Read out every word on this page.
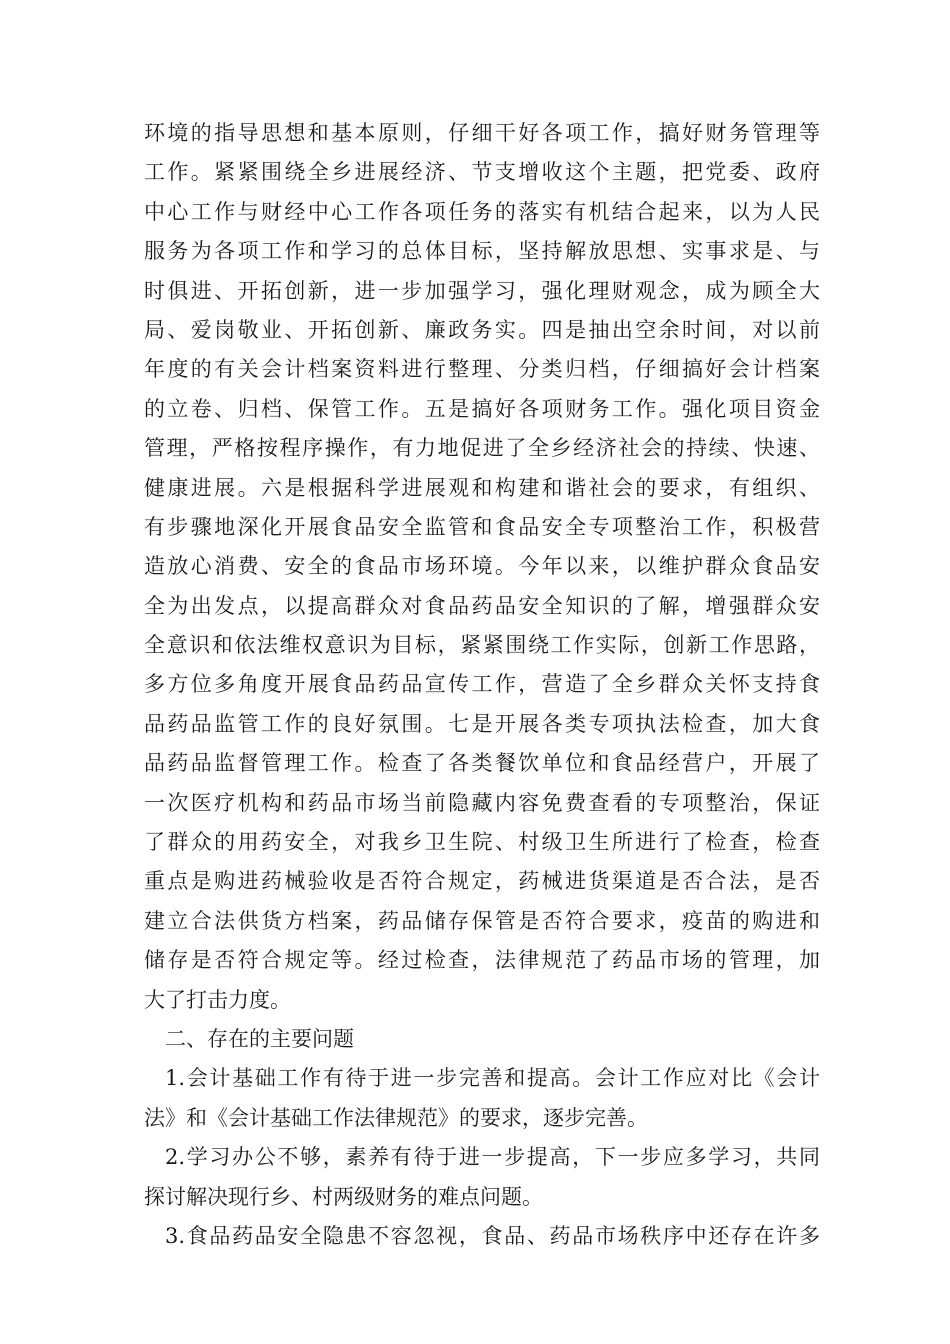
环境的指导思想和基本原则，仔细干好各项工作，搞好财务管理等
工作。紧紧围绕全乡进展经济、节支增收这个主题，把党委、政府
中心工作与财经中心工作各项任务的落实有机结合起来，以为人民
服务为各项工作和学习的总体目标，坚持解放思想、实事求是、与
时俱进、开拓创新，进一步加强学习，强化理财观念，成为顾全大
局、爱岗敬业、开拓创新、廉政务实。四是抽出空余时间，对以前
年度的有关会计档案资料进行整理、分类归档，仔细搞好会计档案
的立卷、归档、保管工作。五是搞好各项财务工作。强化项目资金
管理，严格按程序操作，有力地促进了全乡经济社会的持续、快速、
健康进展。六是根据科学进展观和构建和谐社会的要求，有组织、
有步骤地深化开展食品安全监管和食品安全专项整治工作，积极营
造放心消费、安全的食品市场环境。今年以来，以维护群众食品安
全为出发点，以提高群众对食品药品安全知识的了解，增强群众安
全意识和依法维权意识为目标，紧紧围绕工作实际，创新工作思路，
多方位多角度开展食品药品宣传工作，营造了全乡群众关怀支持食
品药品监管工作的良好氛围。七是开展各类专项执法检查，加大食
品药品监督管理工作。检查了各类餐饮单位和食品经营户，开展了
一次医疗机构和药品市场当前隐藏内容免费查看的专项整治，保证
了群众的用药安全，对我乡卫生院、村级卫生所进行了检查，检查
重点是购进药械验收是否符合规定，药械进货渠道是否合法，是否
建立合法供货方档案，药品储存保管是否符合要求，疫苗的购进和
储存是否符合规定等。经过检查，法律规范了药品市场的管理，加
大了打击力度。
二、存在的主要问题
1.会计基础工作有待于进一步完善和提高。会计工作应对比《会计
法》和《会计基础工作法律规范》的要求，逐步完善。
2.学习办公不够，素养有待于进一步提高，下一步应多学习，共同
探讨解决现行乡、村两级财务的难点问题。
3.食品药品安全隐患不容忽视，食品、药品市场秩序中还存在许多
